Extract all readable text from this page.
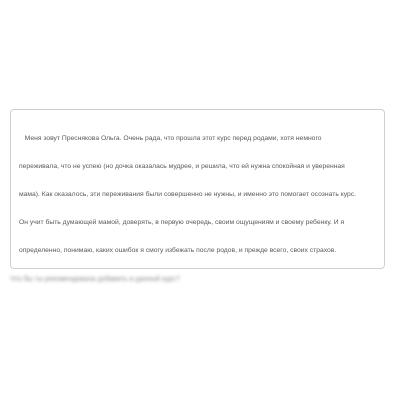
Меня зовут Преснякова Ольга. Очень рада, что прошла этот курс перед родами, хотя немного

переживала, что не успею (но дочка оказалась мудрее, и решила, что ей нужна спокойная и уверенная

мама). Как оказалось, эти переживания были совершенно не нужны, и именно это помогает осознать курс.

Он учит быть думающей мамой, доверять, в первую очередь, своим ощущениям и своему ребенку. И я

определенно, понимаю, каких ошибок я смогу избежать после родов, и прежде всего, своих страхов.

Что бы ты рекомендовала добавить в данный курс?
